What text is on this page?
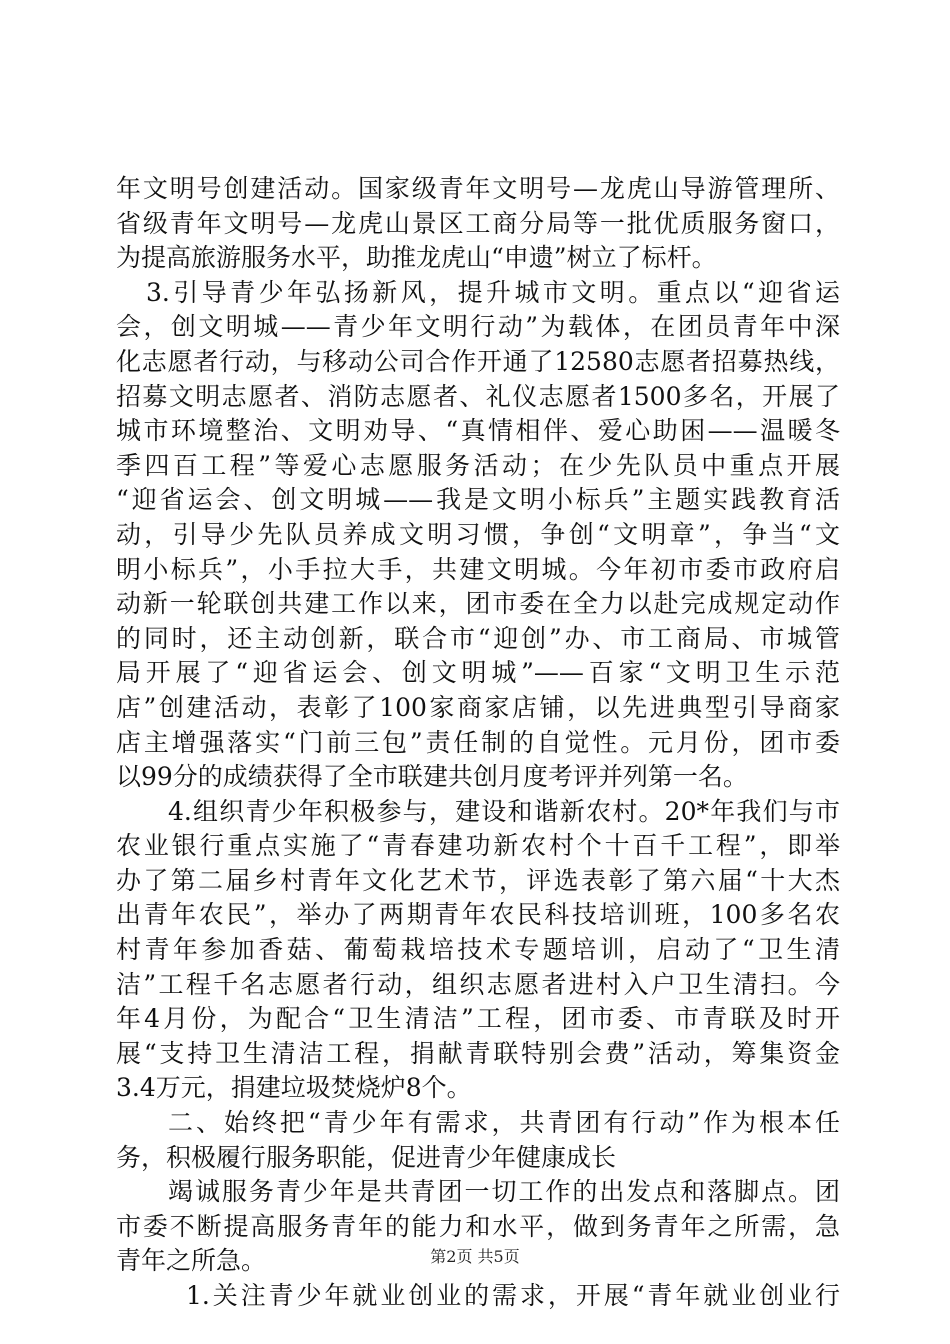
年文明号创建活动。国家级青年文明号—龙虎山导游管理所、
省级青年文明号—龙虎山景区工商分局等一批优质服务窗口，
为提高旅游服务水平，助推龙虎山“申遗”树立了标杆。
3.引导青少年弘扬新风，提升城市文明。重点以“迎省运
会，创文明城——青少年文明行动”为载体，在团员青年中深
化志愿者行动，与移动公司合作开通了12580志愿者招募热线，
招募文明志愿者、消防志愿者、礼仪志愿者1500多名，开展了
城市环境整治、文明劝导、“真情相伴、爱心助困——温暖冬
季四百工程”等爱心志愿服务活动；在少先队员中重点开展
“迎省运会、创文明城——我是文明小标兵”主题实践教育活
动，引导少先队员养成文明习惯，争创“文明章”，争当“文
明小标兵”，小手拉大手，共建文明城。今年初市委市政府启
动新一轮联创共建工作以来，团市委在全力以赴完成规定动作
的同时，还主动创新，联合市“迎创”办、市工商局、市城管
局开展了“迎省运会、创文明城”——百家“文明卫生示范
店”创建活动，表彰了100家商家店铺，以先进典型引导商家
店主增强落实“门前三包”责任制的自觉性。元月份，团市委
以99分的成绩获得了全市联建共创月度考评并列第一名。
4.组织青少年积极参与，建设和谐新农村。20*年我们与市
农业银行重点实施了“青春建功新农村个十百千工程”，即举
办了第二届乡村青年文化艺术节，评选表彰了第六届“十大杰
出青年农民”，举办了两期青年农民科技培训班，100多名农
村青年参加香菇、葡萄栽培技术专题培训，启动了“卫生清
洁”工程千名志愿者行动，组织志愿者进村入户卫生清扫。今
年4月份，为配合“卫生清洁”工程，团市委、市青联及时开
展“支持卫生清洁工程，捐献青联特别会费”活动，筹集资金
3.4万元，捐建垃圾焚烧炉8个。
二、始终把“青少年有需求，共青团有行动”作为根本任
务，积极履行服务职能，促进青少年健康成长
竭诚服务青少年是共青团一切工作的出发点和落脚点。团
市委不断提高服务青年的能力和水平，做到务青年之所需，急
青年之所急。
1.关注青少年就业创业的需求，开展“青年就业创业行
第2页 共5页
